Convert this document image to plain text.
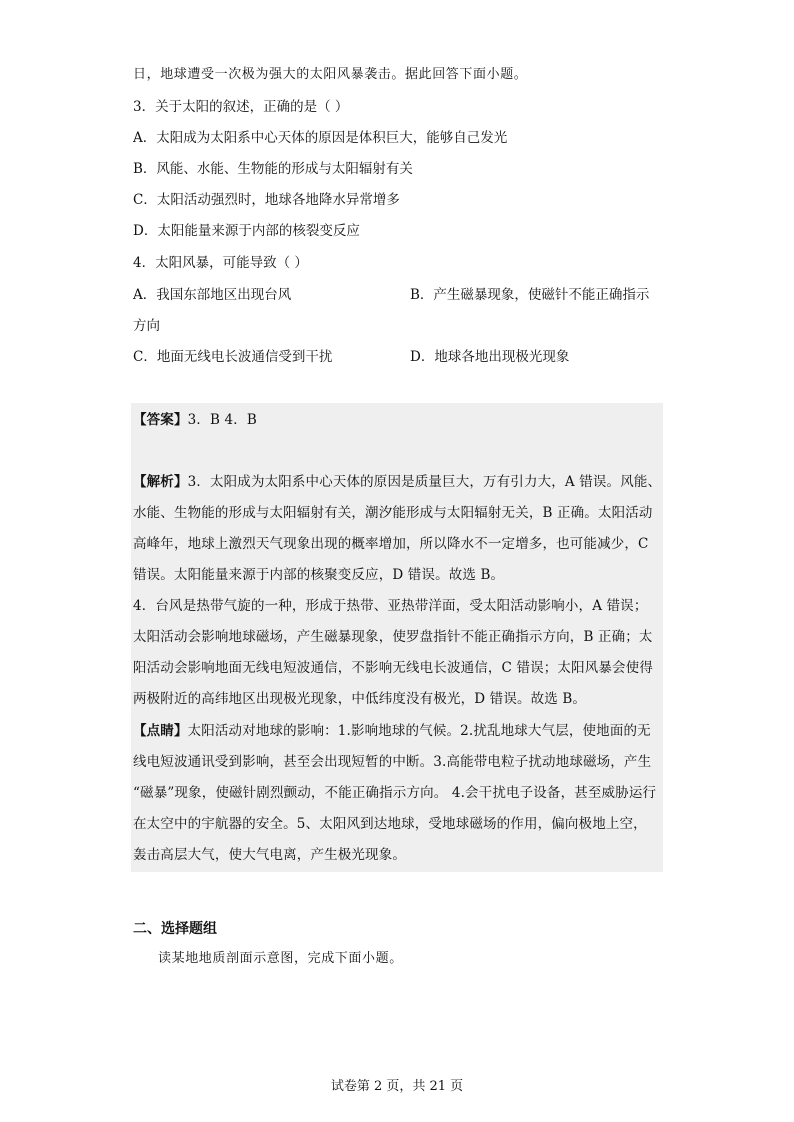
日，地球遭受一次极为强大的太阳风暴袭击。据此回答下面小题。
3．关于太阳的叙述，正确的是（ ）
A．太阳成为太阳系中心天体的原因是体积巨大，能够自己发光
B．风能、水能、生物能的形成与太阳辐射有关
C．太阳活动强烈时，地球各地降水异常增多
D．太阳能量来源于内部的核裂变反应
4．太阳风暴，可能导致（ ）
A．我国东部地区出现台风	B．产生磁暴现象，使磁针不能正确指示
方向
C．地面无线电长波通信受到干扰	D．地球各地出现极光现象
【答案】3．B 4．B
【解析】3．太阳成为太阳系中心天体的原因是质量巨大，万有引力大，A 错误。风能、
水能、生物能的形成与太阳辐射有关，潮汐能形成与太阳辐射无关，B 正确。太阳活动
高峰年，地球上激烈天气现象出现的概率增加，所以降水不一定增多，也可能减少，C
错误。太阳能量来源于内部的核聚变反应，D 错误。故选 B。
4．台风是热带气旋的一种，形成于热带、亚热带洋面，受太阳活动影响小，A 错误；
太阳活动会影响地球磁场，产生磁暴现象，使罗盘指针不能正确指示方向，B 正确；太
阳活动会影响地面无线电短波通信，不影响无线电长波通信，C 错误；太阳风暴会使得
两极附近的高纬地区出现极光现象，中低纬度没有极光，D 错误。故选 B。
【点睛】太阳活动对地球的影响：1.影响地球的气候。2.扰乱地球大气层，使地面的无
线电短波通讯受到影响，甚至会出现短暂的中断。3.高能带电粒子扰动地球磁场，产生
“磁暴”现象，使磁针剧烈颤动，不能正确指示方向。 4.会干扰电子设备，甚至威胁运行
在太空中的宇航器的安全。5、太阳风到达地球，受地球磁场的作用，偏向极地上空，
轰击高层大气，使大气电离，产生极光现象。
二、选择题组
读某地地质剖面示意图，完成下面小题。
试卷第 2 页，共 21 页
